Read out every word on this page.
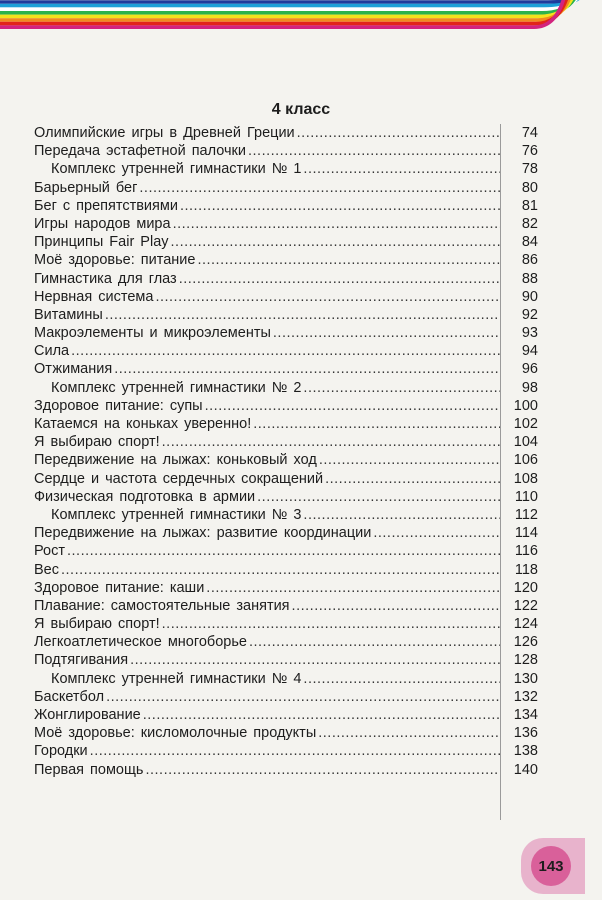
4 класс
Олимпийские игры в Древней Греции .....	74
Передача эстафетной палочки .....	76
Комплекс утренней гимнастики № 1 .....	78
Барьерный бег .....	80
Бег с препятствиями .....	81
Игры народов мира .....	82
Принципы Fair Play .....	84
Моё здоровье: питание .....	86
Гимнастика для глаз .....	88
Нервная система .....	90
Витамины .....	92
Макроэлементы и микроэлементы .....	93
Сила .....	94
Отжимания .....	96
Комплекс утренней гимнастики № 2 .....	98
Здоровое питание: супы .....	100
Катаемся на коньках уверенно! .....	102
Я выбираю спорт! .....	104
Передвижение на лыжах: коньковый ход .....	106
Сердце и частота сердечных сокращений .....	108
Физическая подготовка в армии .....	110
Комплекс утренней гимнастики № 3 .....	112
Передвижение на лыжах: развитие координации .....	114
Рост .....	116
Вес .....	118
Здоровое питание: каши .....	120
Плавание: самостоятельные занятия .....	122
Я выбираю спорт! .....	124
Легкоатлетическое многоборье .....	126
Подтягивания .....	128
Комплекс утренней гимнастики № 4 .....	130
Баскетбол .....	132
Жонглирование .....	134
Моё здоровье: кисломолочные продукты .....	136
Городки .....	138
Первая помощь .....	140
143
